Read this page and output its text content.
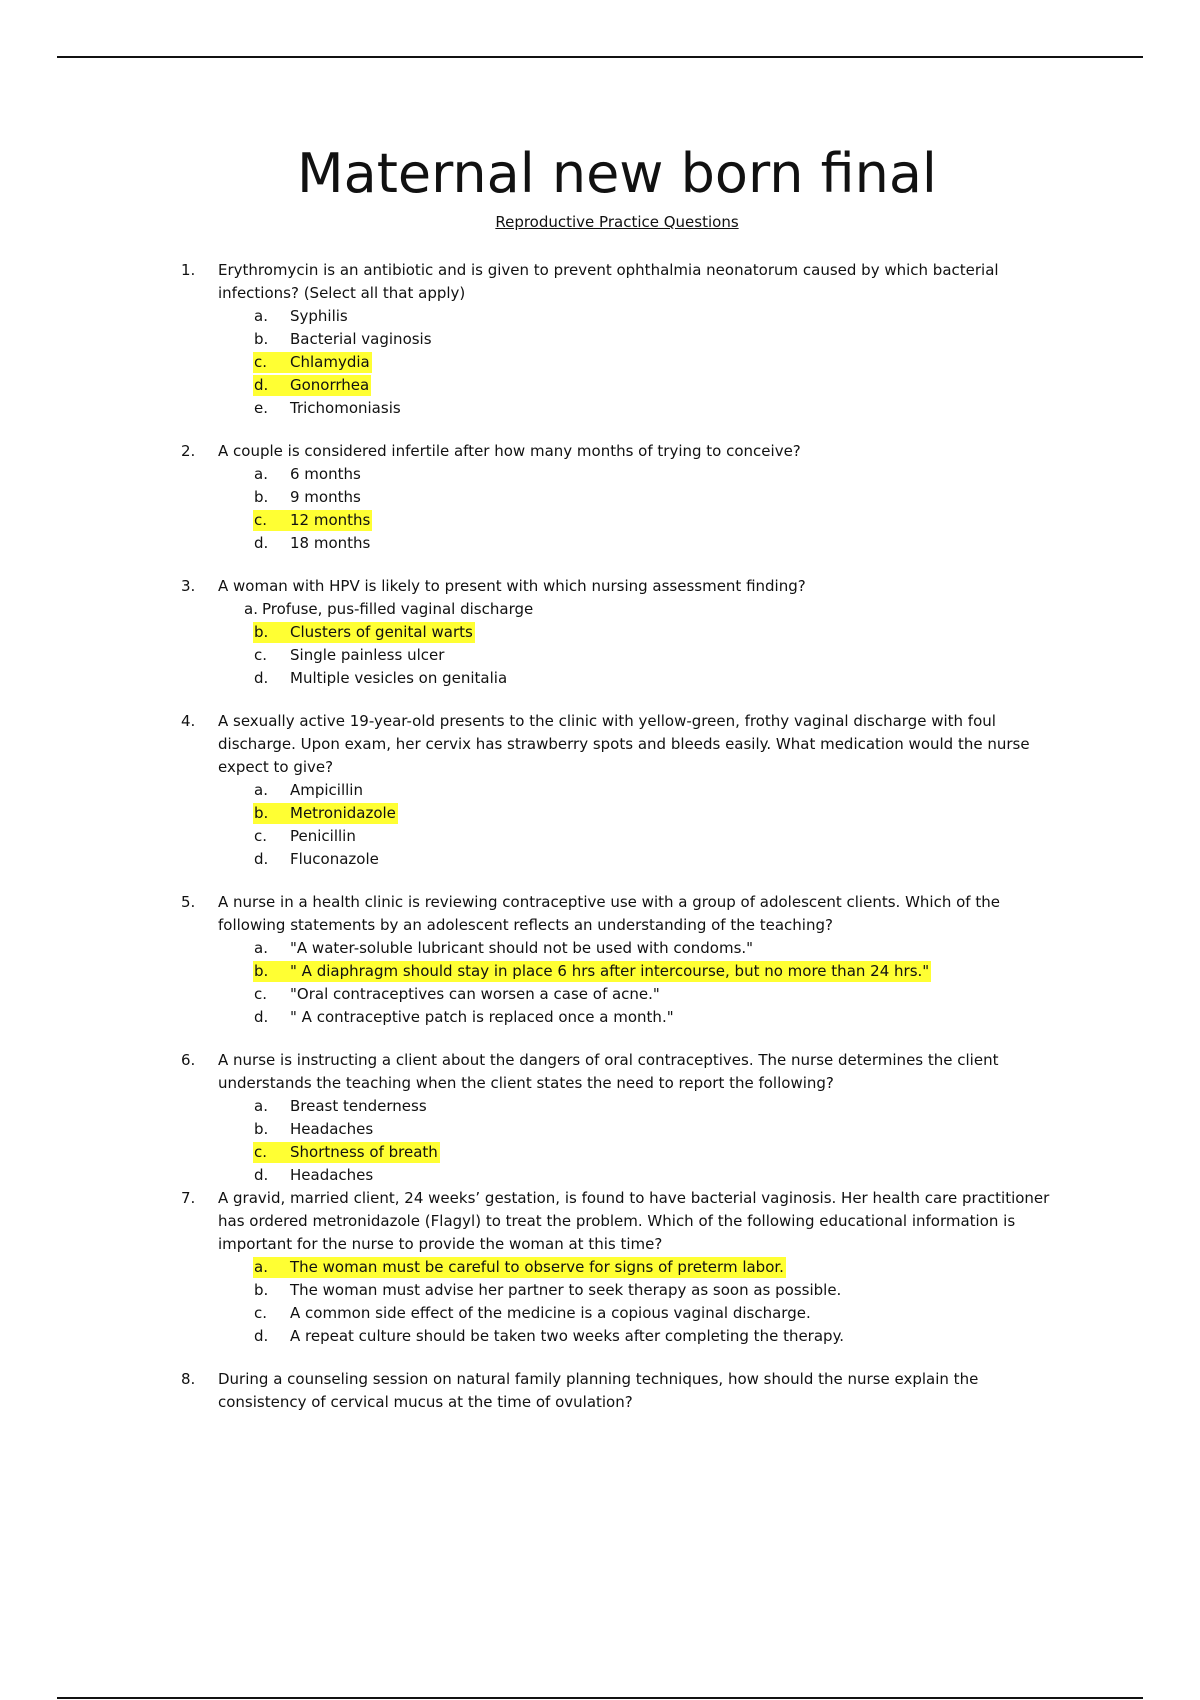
Maternal new born final
Reproductive Practice Questions
1. Erythromycin is an antibiotic and is given to prevent ophthalmia neonatorum caused by which bacterial infections? (Select all that apply)
a.	Syphilis
b.	Bacterial vaginosis
c.	Chlamydia
d.	Gonorrhea
e.	Trichomoniasis
2. A couple is considered infertile after how many months of trying to conceive?
a.	6 months
b.	9 months
c.	12 months
d.	18 months
3. A woman with HPV is likely to present with which nursing assessment finding?
a. Profuse, pus-filled vaginal discharge
b.	Clusters of genital warts
c.	Single painless ulcer
d.	Multiple vesicles on genitalia
4. A sexually active 19-year-old presents to the clinic with yellow-green, frothy vaginal discharge with foul discharge. Upon exam, her cervix has strawberry spots and bleeds easily. What medication would the nurse expect to give?
a.	Ampicillin
b.	Metronidazole
c.	Penicillin
d.	Fluconazole
5. A nurse in a health clinic is reviewing contraceptive use with a group of adolescent clients. Which of the following statements by an adolescent reflects an understanding of the teaching?
a.	"A water-soluble lubricant should not be used with condoms."
b.	" A diaphragm should stay in place 6 hrs after intercourse, but no more than 24 hrs."
c.	"Oral contraceptives can worsen a case of acne."
d.	" A contraceptive patch is replaced once a month."
6. A nurse is instructing a client about the dangers of oral contraceptives. The nurse determines the client understands the teaching when the client states the need to report the following?
a.	Breast tenderness
b.	Headaches
c.	Shortness of breath
d.	Headaches
7. A gravid, married client, 24 weeks’ gestation, is found to have bacterial vaginosis. Her health care practitioner has ordered metronidazole (Flagyl) to treat the problem. Which of the following educational information is important for the nurse to provide the woman at this time?
a.	The woman must be careful to observe for signs of preterm labor.
b.	The woman must advise her partner to seek therapy as soon as possible.
c.	A common side effect of the medicine is a copious vaginal discharge.
d.	A repeat culture should be taken two weeks after completing the therapy.
8. During a counseling session on natural family planning techniques, how should the nurse explain the consistency of cervical mucus at the time of ovulation?
